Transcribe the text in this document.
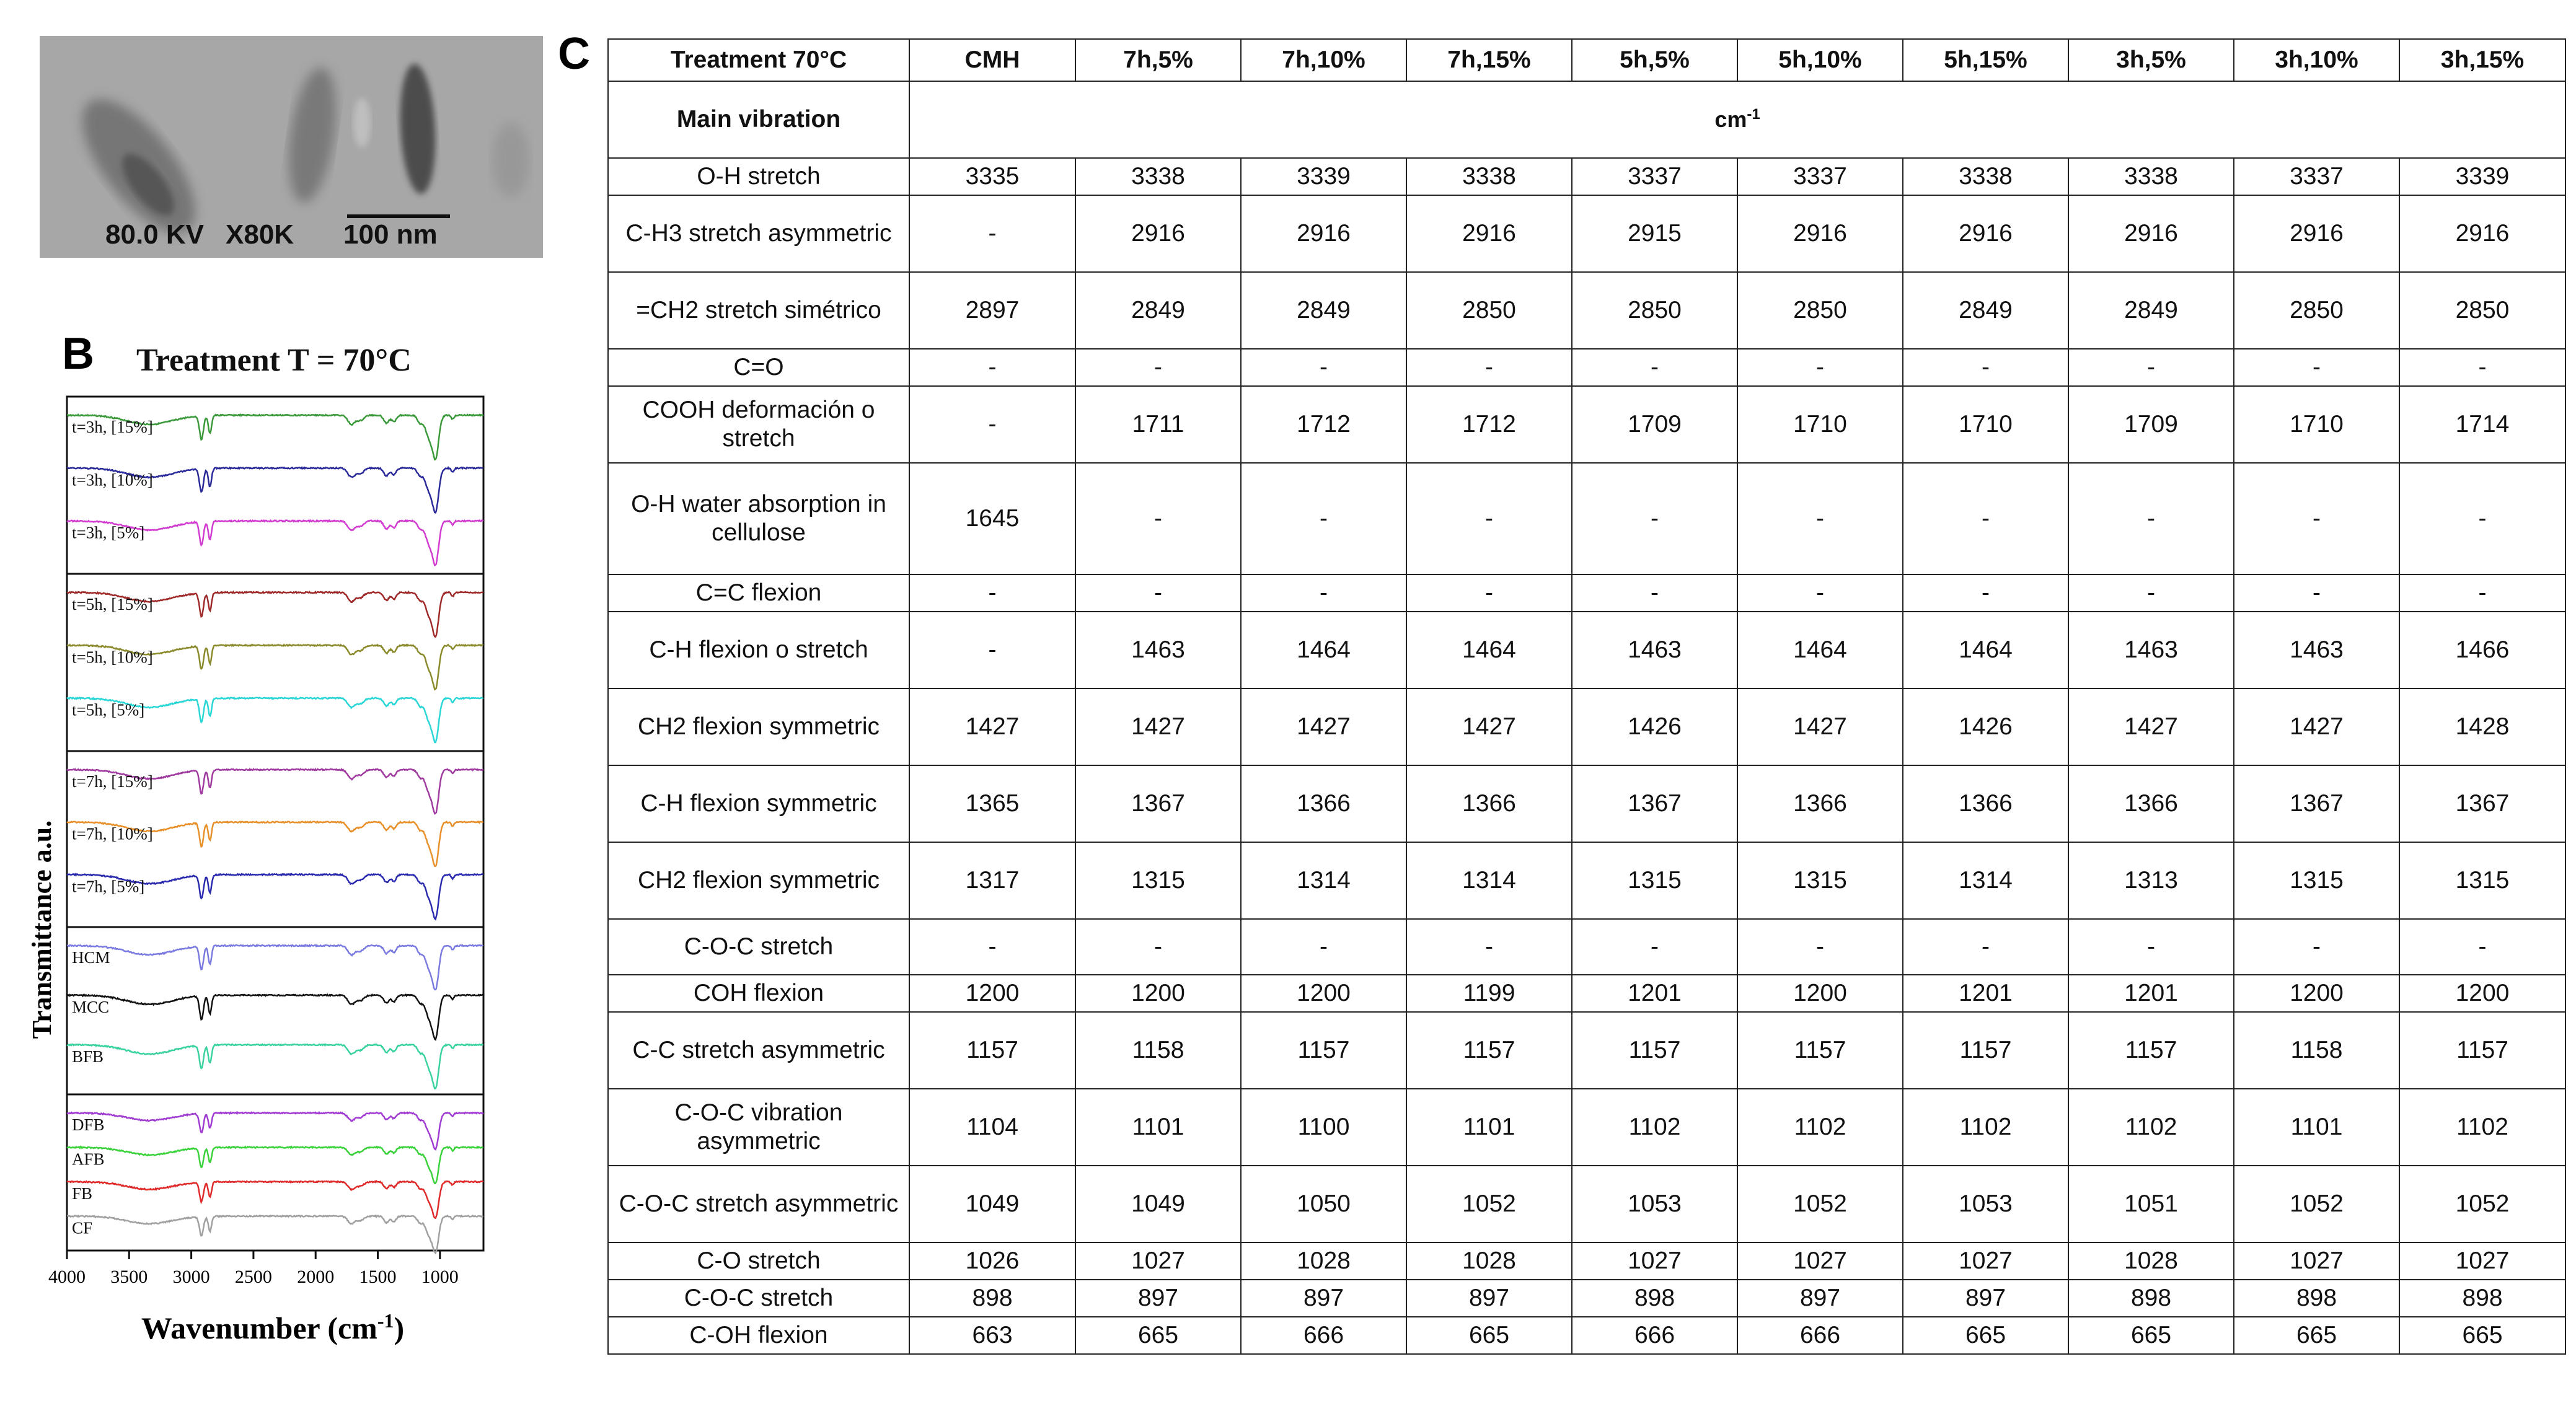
80.0 KV X80K 100 nm
B Treatment T = 70°C
t=3h, [15%]
t=3h, [10%]
t=3h, [5%]
t=5h, [15%]
t=5h, [10%]
t=5h, [5%]
t=7h, [15%]
t=7h, [10%]
t=7h, [5%]
HCM
MCC
BFB
DFB
AFB
FB
CF
4000 3500 3000 2500 2000 1500 1000
Transmittance a.u.
Wavenumber $(cm^{-1})$
C	Treatment 70°C	CMH	7h,5%	7h,10%	7h,15%	5h,5%	5h,10%	5h,15%	3h,5%	3h,10%	3h,15%
Main vibration	$cm^{-1}$
O-H stretch	3335	3338	3339	3338	3337	3337	3338	3338	3337	3339
C-H3 stretch asymmetric	-	2916	2916	2916	2915	2916	2916	2916	2916	2916
=CH2 stretch simétrico	2897	2849	2849	2850	2850	2850	2849	2849	2850	2850
C=O	-	-	-	-	-	-	-	-	-	-
COOH deformación o stretch	-	1711	1712	1712	1709	1710	1710	1709	1710	1714
O-H water absorption in cellulose	1645	-	-	-	-	-	-	-	-	-
C=C flexion	-	-	-	-	-	-	-	-	-	-
C-H flexion o stretch	-	1463	1464	1464	1463	1464	1464	1463	1463	1466
CH2 flexion symmetric	1427	1427	1427	1427	1426	1427	1426	1427	1427	1428
C-H flexion symmetric	1365	1367	1366	1366	1367	1366	1366	1366	1367	1367
CH2 flexion symmetric	1317	1315	1314	1314	1315	1315	1314	1313	1315	1315
C-O-C stretch	-	-	-	-	-	-	-	-	-	-
COH flexion	1200	1200	1200	1199	1201	1200	1201	1201	1200	1200
C-C stretch asymmetric	1157	1158	1157	1157	1157	1157	1157	1157	1158	1157
C-O-C vibration asymmetric	1104	1101	1100	1101	1102	1102	1102	1102	1101	1102
C-O-C stretch asymmetric	1049	1049	1050	1052	1053	1052	1053	1051	1052	1052
C-O stretch	1026	1027	1028	1028	1027	1027	1027	1028	1027	1027
C-O-C stretch	898	897	897	897	898	897	897	898	898	898
C-OH flexion	663	665	666	665	666	666	665	665	665	665
